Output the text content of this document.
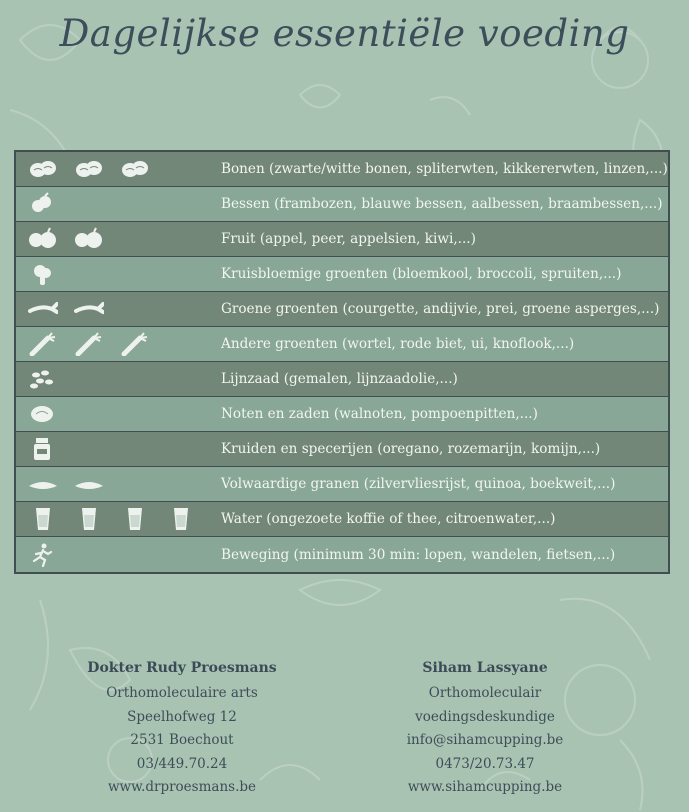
Dagelijkse essentiële voeding
Bonen (zwarte/witte bonen, spliterwten, kikkererwten, linzen,...)
Bessen (frambozen, blauwe bessen, aalbessen, braambessen,...)
Fruit (appel, peer, appelsien, kiwi,...)
Kruisbloemige groenten (bloemkool, broccoli, spruiten,...)
Groene groenten (courgette, andijvie, prei, groene asperges,...)
Andere groenten (wortel, rode biet, ui, knoflook,...)
Lijnzaad (gemalen, lijnzaadolie,...)
Noten en zaden (walnoten, pompoenpitten,...)
Kruiden en specerijen (oregano, rozemarijn, komijn,...)
Volwaardige granen (zilvervliesrijst, quinoa, boekweit,...)
Water (ongezoete koffie of thee, citroenwater,...)
Beweging (minimum 30 min: lopen, wandelen, fietsen,...)
Dokter Rudy Proesmans
Orthomoleculaire arts
Speelhofweg 12
2531 Boechout
03/449.70.24
www.drproesmans.be
Siham Lassyane
Orthomoleculair
voedingsdeskundige
info@sihamcupping.be
0473/20.73.47
www.sihamcupping.be
